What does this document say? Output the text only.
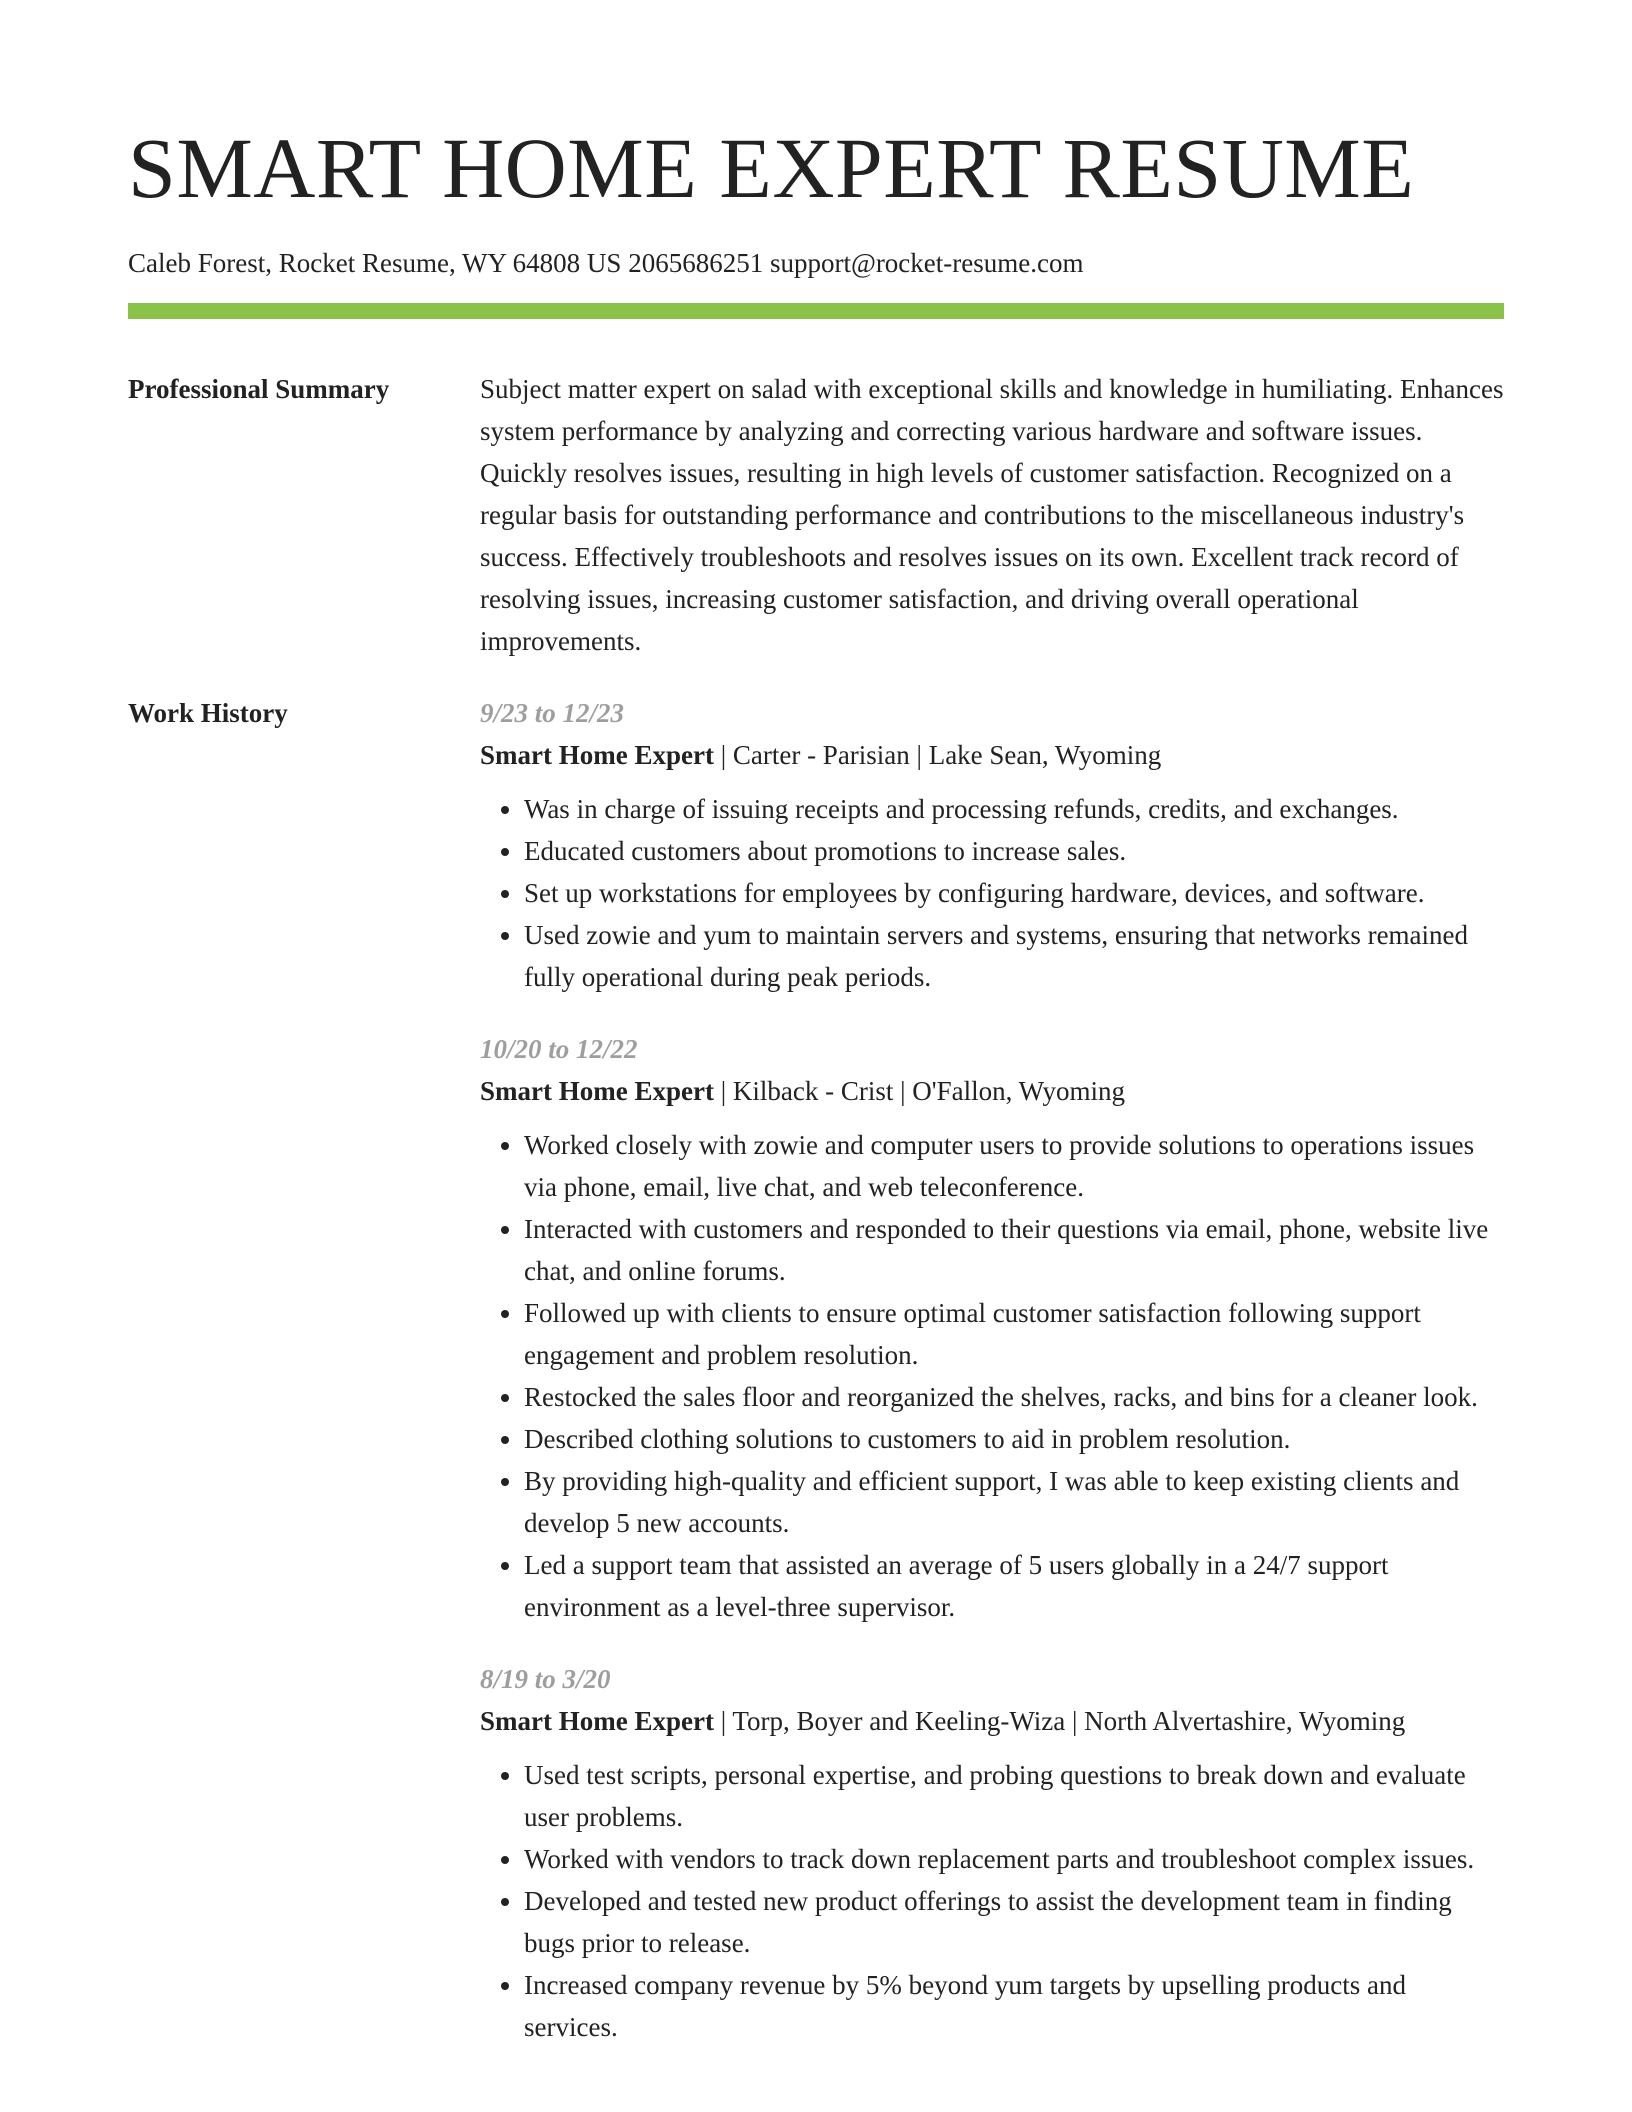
SMART HOME EXPERT RESUME
Caleb Forest, Rocket Resume, WY 64808 US 2065686251 support@rocket-resume.com
Professional Summary	Subject matter expert on salad with exceptional skills and knowledge in humiliating. Enhances system performance by analyzing and correcting various hardware and software issues. Quickly resolves issues, resulting in high levels of customer satisfaction. Recognized on a regular basis for outstanding performance and contributions to the miscellaneous industry's success. Effectively troubleshoots and resolves issues on its own. Excellent track record of resolving issues, increasing customer satisfaction, and driving overall operational improvements.

Work History	9/23 to 12/23
Smart Home Expert | Carter - Parisian | Lake Sean, Wyoming
• Was in charge of issuing receipts and processing refunds, credits, and exchanges.
• Educated customers about promotions to increase sales.
• Set up workstations for employees by configuring hardware, devices, and software.
• Used zowie and yum to maintain servers and systems, ensuring that networks remained fully operational during peak periods.
10/20 to 12/22
Smart Home Expert | Kilback - Crist | O'Fallon, Wyoming
• Worked closely with zowie and computer users to provide solutions to operations issues via phone, email, live chat, and web teleconference.
• Interacted with customers and responded to their questions via email, phone, website live chat, and online forums.
• Followed up with clients to ensure optimal customer satisfaction following support engagement and problem resolution.
• Restocked the sales floor and reorganized the shelves, racks, and bins for a cleaner look.
• Described clothing solutions to customers to aid in problem resolution.
• By providing high-quality and efficient support, I was able to keep existing clients and develop 5 new accounts.
• Led a support team that assisted an average of 5 users globally in a 24/7 support environment as a level-three supervisor.
8/19 to 3/20
Smart Home Expert | Torp, Boyer and Keeling-Wiza | North Alvertashire, Wyoming
• Used test scripts, personal expertise, and probing questions to break down and evaluate user problems.
• Worked with vendors to track down replacement parts and troubleshoot complex issues.
• Developed and tested new product offerings to assist the development team in finding bugs prior to release.
• Increased company revenue by 5% beyond yum targets by upselling products and services.
